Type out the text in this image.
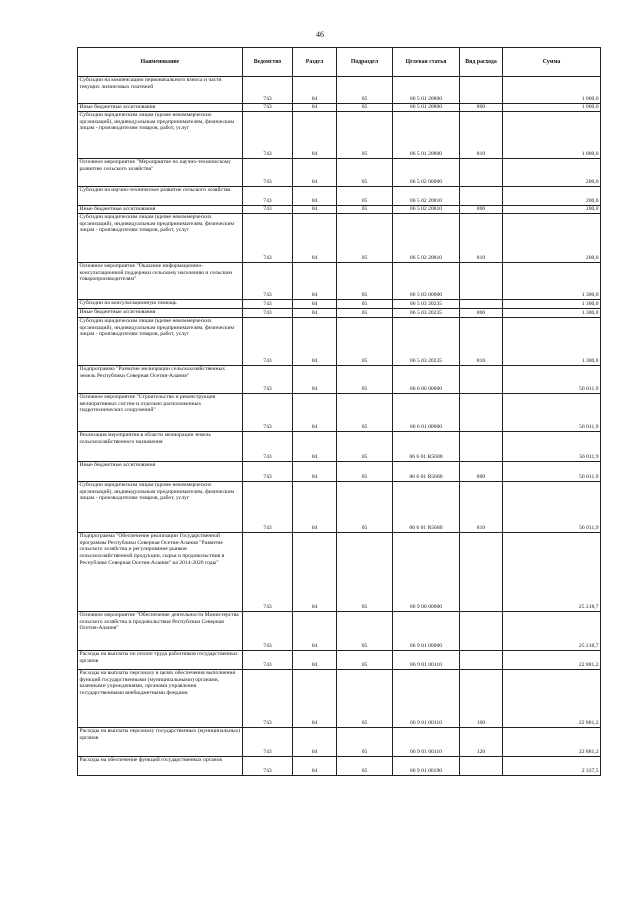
46
Наименование	Ведомство	Раздел	Подраздел	Целевая статья	Вид расхода	Сумма
Субсидии на компенсацию первоначального взноса и части текущих лизинговых платежей	743	04	05	06 5 01 20800		1 000,0
Иные бюджетные ассигнования	743	04	05	06 5 01 20800	800	1 000,0
Субсидии юридическим лицам (кроме некоммерческих организаций), индивидуальным предпринимателям, физическим лицам - производителям товаров, работ, услуг	743	04	05	06 5 01 20800	810	1 000,0
Основное мероприятие "Мероприятие по научно-техническому развитию сельского хозяйства"	743	04	05	06 5 02 00000		200,0
Субсидии на научно-техническое развитие сельского хозяйства	743	04	05	06 5 02 20810		200,0
Иные бюджетные ассигнования	743	04	05	06 5 02 20810	800	200,0
Субсидии юридическим лицам (кроме некоммерческих организаций), индивидуальным предпринимателям, физическим лицам - производителям товаров, работ, услуг	743	04	05	06 5 02 20810	810	200,0
Основное мероприятие "Оказание информационно-консультационной поддержки сельскому населению и сельским товаропроизводителям"	743	04	05	06 5 03 00000		1 300,0
Субсидии на консультационную помощь	743	04	05	06 5 03 20235		1 300,0
Иные бюджетные ассигнования	743	04	05	06 5 03 20235	800	1 300,0
Субсидии юридическим лицам (кроме некоммерческих организаций), индивидуальным предпринимателям, физическим лицам - производителям товаров, работ, услуг	743	04	05	06 5 03 20235	810	1 300,0
Подпрограмма "Развитие мелиорации сельскохозяйственных земель Республики Северная Осетия-Алания"	743	04	05	06 6 00 00000		56 011,9
Основное мероприятие "Строительство и реконструкция мелиоративных систем и отдельно расположенных гидротехнических сооружений"	743	04	05	06 6 01 00000		56 011,9
Реализация мероприятия в области мелиорации земель сельскохозяйственного назначения	743	04	05	06 6 01 R5680		56 011,9
Иные бюджетные ассигнования	743	04	05	06 6 01 R5680	800	56 011,9
Субсидии юридическим лицам (кроме некоммерческих организаций), индивидуальным предпринимателям, физическим лицам - производителям товаров, работ, услуг	743	04	05	06 6 01 R5680	810	56 011,9
Подпрограмма "Обеспечение реализации Государственной программы Республики Северная Осетия-Алания "Развитие сельского хозяйства и регулирование рынков сельскохозяйственной продукции, сырья и продовольствия в Республике Северная Осетия-Алания" на 2014-2020 годы"	743	04	05	06 9 00 00000		25 218,7
Основное мероприятие "Обеспечение деятельности Министерства сельского хозяйства и продовольствия Республики Северная Осетия-Алания"	743	04	05	06 9 01 00000		25 218,7
Расходы на выплаты по оплате труда работников государственных органов	743	04	05	06 9 01 00110		22 881,2
Расходы на выплаты персоналу в целях обеспечения выполнения функций государственными (муниципальными) органами, казенными учреждениями, органами управления государственными внебюджетными фондами	743	04	05	06 9 01 00110	100	22 881,2
Расходы на выплаты персоналу государственных (муниципальных) органов	743	04	05	06 9 01 00110	120	22 881,2
Расходы на обеспечение функций государственных органов	743	04	05	06 9 01 00190		2 337,5
